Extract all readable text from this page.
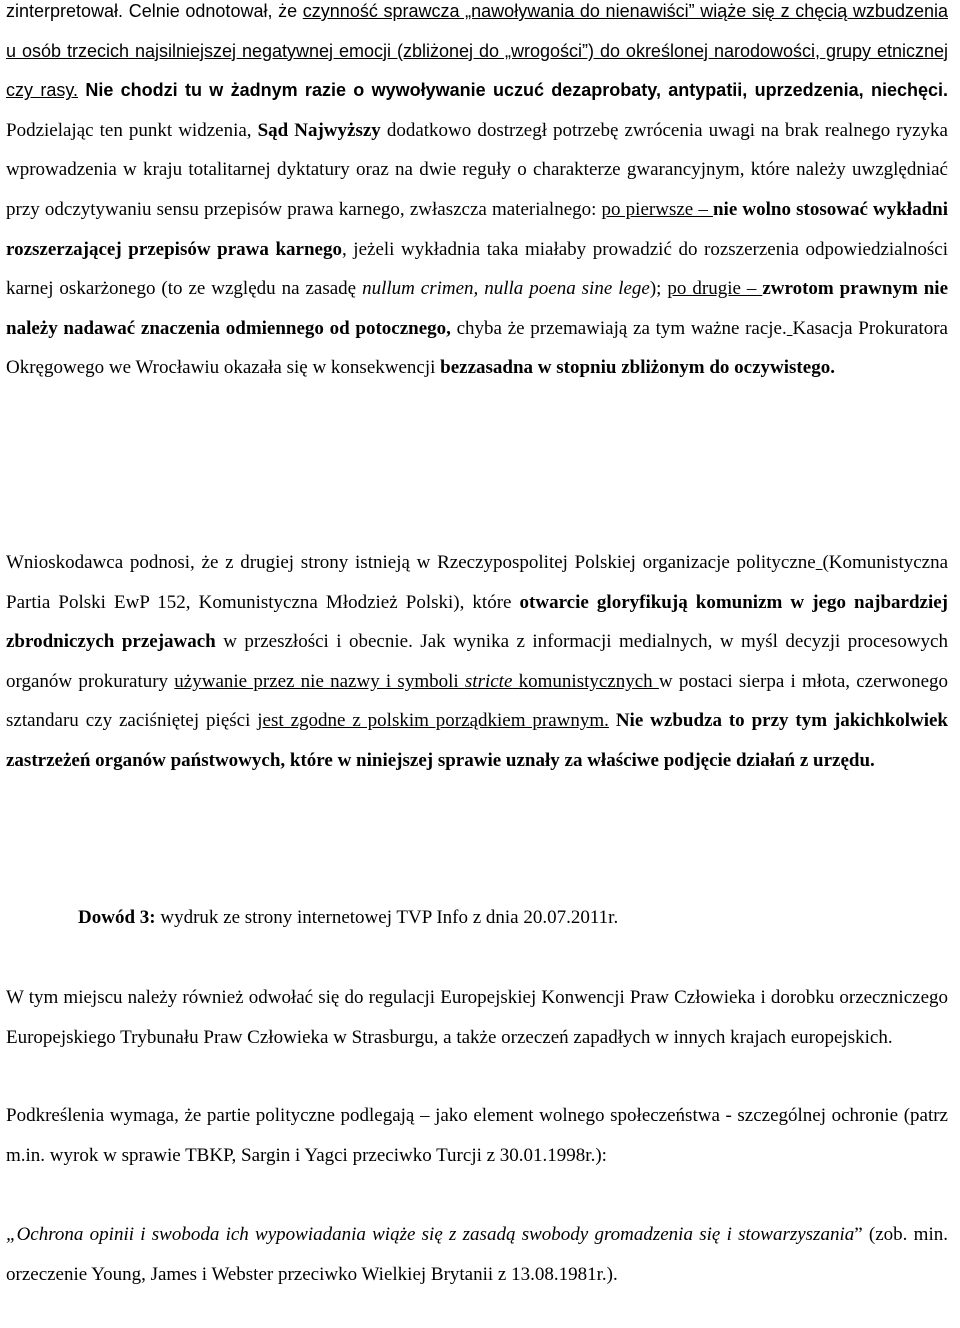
zinterpretował. Celnie odnotował, że czynność sprawcza „nawoływania do nienawiści” wiąże się z chęcią wzbudzenia u osób trzecich najsilniejszej negatywnej emocji (zbliżonej do „wrogości”) do określonej narodowości, grupy etnicznej czy rasy. Nie chodzi tu w żadnym razie o wywoływanie uczuć dezaprobaty, antypatii, uprzedzenia, niechęci. Podzielając ten punkt widzenia, Sąd Najwyższy dodatkowo dostrzegł potrzebę zwrócenia uwagi na brak realnego ryzyka wprowadzenia w kraju totalitarnej dyktatury oraz na dwie reguły o charakterze gwarancyjnym, które należy uwzględniać przy odczytywaniu sensu przepisów prawa karnego, zwłaszcza materialnego: po pierwsze – nie wolno stosować wykładni rozszerzającej przepisów prawa karnego, jeżeli wykładnia taka miałaby prowadzić do rozszerzenia odpowiedzialności karnej oskarżonego (to ze względu na zasadę nullum crimen, nulla poena sine lege); po drugie – zwrotom prawnym nie należy nadawać znaczenia odmiennego od potocznego, chyba że przemawiają za tym ważne racje. Kasacja Prokuratora Okręgowego we Wrocławiu okazała się w konsekwencji bezzasadna w stopniu zbliżonym do oczywistego.

Wnioskodawca podnosi, że z drugiej strony istnieją w Rzeczypospolitej Polskiej organizacje polityczne (Komunistyczna Partia Polski EwP 152, Komunistyczna Młodzież Polski), które otwarcie gloryfikują komunizm w jego najbardziej zbrodniczych przejawach w przeszłości i obecnie. Jak wynika z informacji medialnych, w myśl decyzji procesowych organów prokuratury używanie przez nie nazwy i symboli stricte komunistycznych w postaci sierpa i młota, czerwonego sztandaru czy zaciśniętej pięści jest zgodne z polskim porządkiem prawnym. Nie wzbudza to przy tym jakichkolwiek zastrzeżeń organów państwowych, które w niniejszej sprawie uznały za właściwe podjęcie działań z urzędu.

Dowód 3: wydruk ze strony internetowej TVP Info z dnia 20.07.2011r.

W tym miejscu należy również odwołać się do regulacji Europejskiej Konwencji Praw Człowieka i dorobku orzeczniczego Europejskiego Trybunału Praw Człowieka w Strasburgu, a także orzeczeń zapadłych w innych krajach europejskich.

Podkreślenia wymaga, że partie polityczne podlegają – jako element wolnego społeczeństwa - szczególnej ochronie (patrz m.in. wyrok w sprawie TBKP, Sargin i Yagci przeciwko Turcji z 30.01.1998r.):

„Ochrona opinii i swoboda ich wypowiadania wiąże się z zasadą swobody gromadzenia się i stowarzyszania” (zob. min. orzeczenie Young, James i Webster przeciwko Wielkiej Brytanii z 13.08.1981r.).
